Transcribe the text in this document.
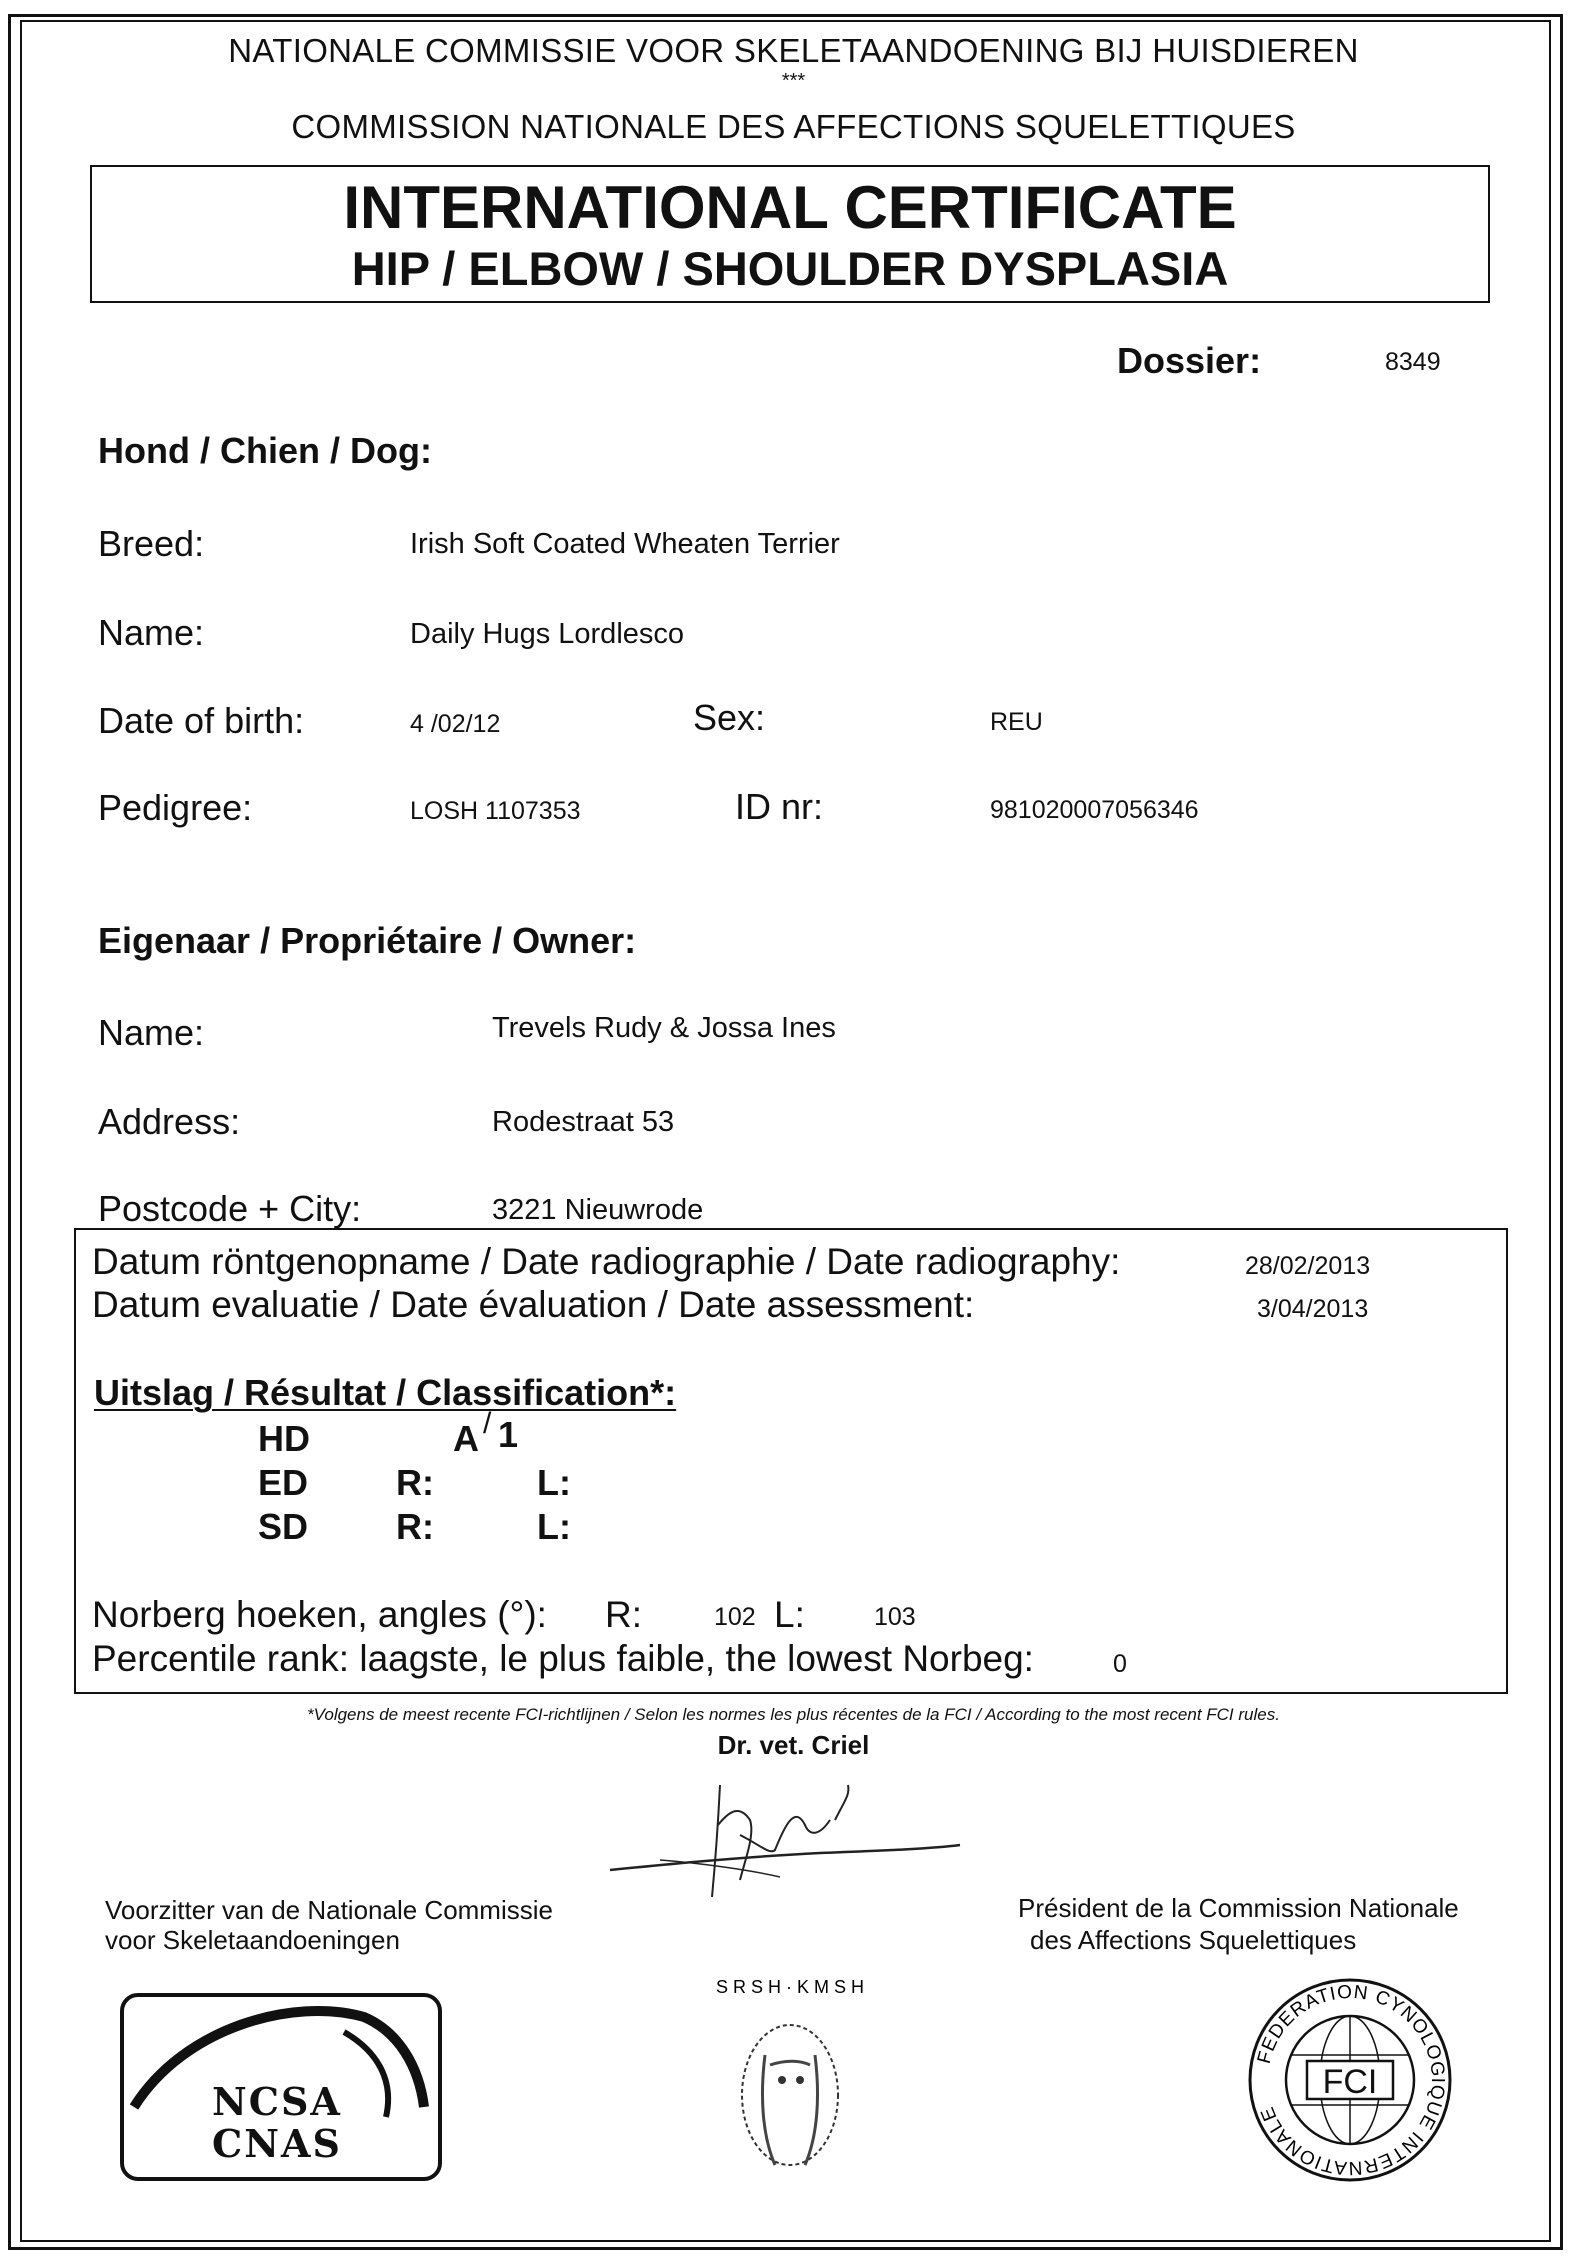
NATIONALE COMMISSIE VOOR SKELETAANDOENING BIJ HUISDIEREN
***
COMMISSION NATIONALE DES AFFECTIONS SQUELETTIQUES
INTERNATIONAL CERTIFICATE
HIP / ELBOW / SHOULDER DYSPLASIA
Dossier:	8349
Hond / Chien / Dog:
Breed:	Irish Soft Coated Wheaten Terrier
Name:	Daily Hugs Lordlesco
Date of birth:	4 /02/12	Sex:	REU
Pedigree:	LOSH 1107353	ID nr:	981020007056346
Eigenaar / Propriétaire / Owner:
Name:	Trevels Rudy & Jossa Ines
Address:	Rodestraat 53
Postcode + City:	3221 Nieuwrode
Datum röntgenopname / Date radiographie / Date radiography:	28/02/2013
Datum evaluatie / Date évaluation / Date assessment:	3/04/2013
Uitslag / Résultat / Classification*:
HD	A / 1
ED R:	L:
SD R:	L:
Norberg hoeken, angles (°): R:	102 L:	103
Percentile rank: laagste, le plus faible, the lowest Norbeg:	0
*Volgens de meest recente FCI-richtlijnen / Selon les normes les plus récentes de la FCI / According to the most recent FCI rules.
Dr. vet. Criel
Voorzitter van de Nationale Commissie
voor Skeletaandoeningen
Président de la Commission Nationale
des Affections Squelettiques
NCSA
CNAS
S R S H · K M S H
FEDERATION CYNOLOGIQUE INTERNATIONALE
FCI
